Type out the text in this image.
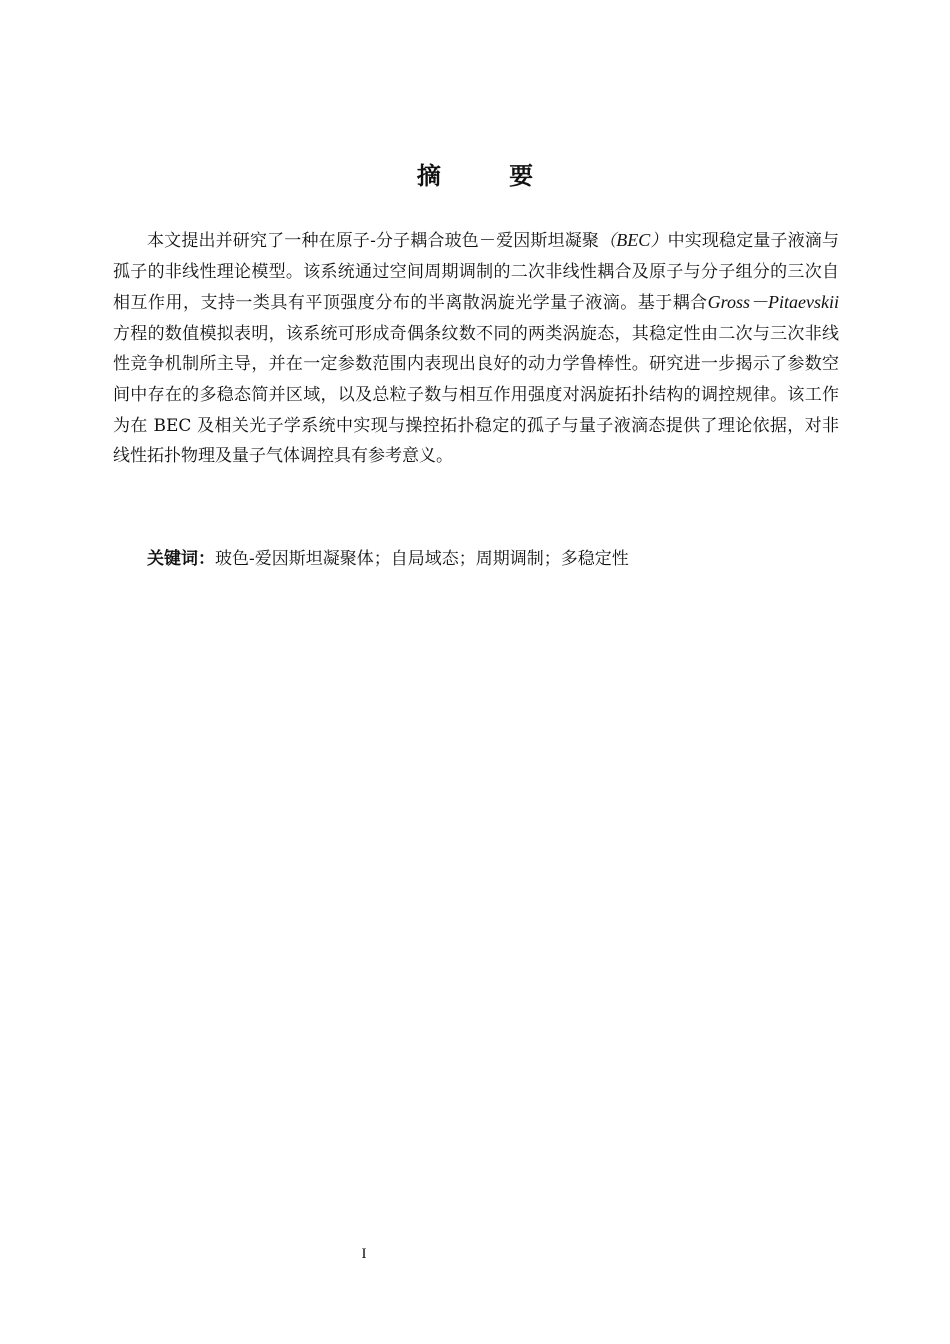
摘 要
本文提出并研究了一种在原子-分子耦合玻色－爱因斯坦凝聚（BEC）中实现稳定量子液滴与孤子的非线性理论模型。该系统通过空间周期调制的二次非线性耦合及原子与分子组分的三次自相互作用，支持一类具有平顶强度分布的半离散涡旋光学量子液滴。基于耦合Gross－Pitaevskii方程的数值模拟表明，该系统可形成奇偶条纹数不同的两类涡旋态，其稳定性由二次与三次非线性竞争机制所主导，并在一定参数范围内表现出良好的动力学鲁棒性。研究进一步揭示了参数空间中存在的多稳态简并区域，以及总粒子数与相互作用强度对涡旋拓扑结构的调控规律。该工作为在 BEC 及相关光子学系统中实现与操控拓扑稳定的孤子与量子液滴态提供了理论依据，对非线性拓扑物理及量子气体调控具有参考意义。
关键词：玻色-爱因斯坦凝聚体；自局域态；周期调制；多稳定性
I
